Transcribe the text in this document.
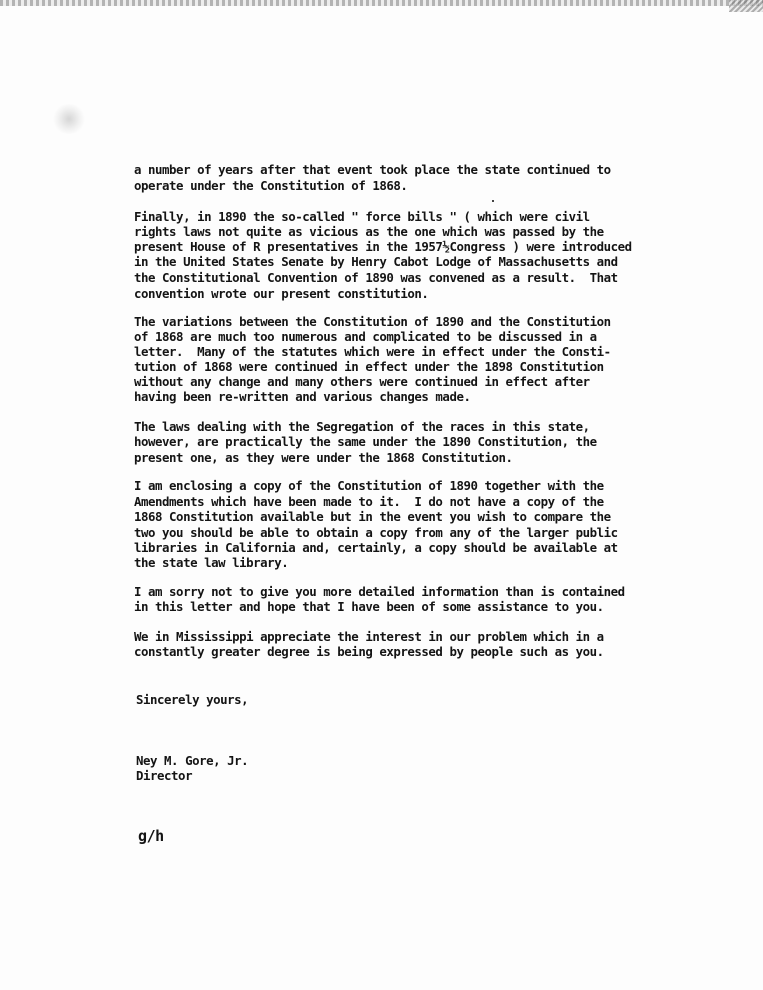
a number of years after that event took place the state continued to
operate under the Constitution of 1868.
Finally, in 1890 the so-called " force bills " ( which were civil
rights laws not quite as vicious as the one which was passed by the
present House of R presentatives in the 1957½Congress ) were introduced
in the United States Senate by Henry Cabot Lodge of Massachusetts and
the Constitutional Convention of 1890 was convened as a result.  That
convention wrote our present constitution.
The variations between the Constitution of 1890 and the Constitution
of 1868 are much too numerous and complicated to be discussed in a
letter.  Many of the statutes which were in effect under the Consti-
tution of 1868 were continued in effect under the 1898 Constitution
without any change and many others were continued in effect after
having been re-written and various changes made.
The laws dealing with the Segregation of the races in this state,
however, are practically the same under the 1890 Constitution, the
present one, as they were under the 1868 Constitution.
I am enclosing a copy of the Constitution of 1890 together with the
Amendments which have been made to it.  I do not have a copy of the
1868 Constitution available but in the event you wish to compare the
two you should be able to obtain a copy from any of the larger public
libraries in California and, certainly, a copy should be available at
the state law library.
I am sorry not to give you more detailed information than is contained
in this letter and hope that I have been of some assistance to you.
We in Mississippi appreciate the interest in our problem which in a
constantly greater degree is being expressed by people such as you.
Sincerely yours,
Ney M. Gore, Jr.
Director
g/h
